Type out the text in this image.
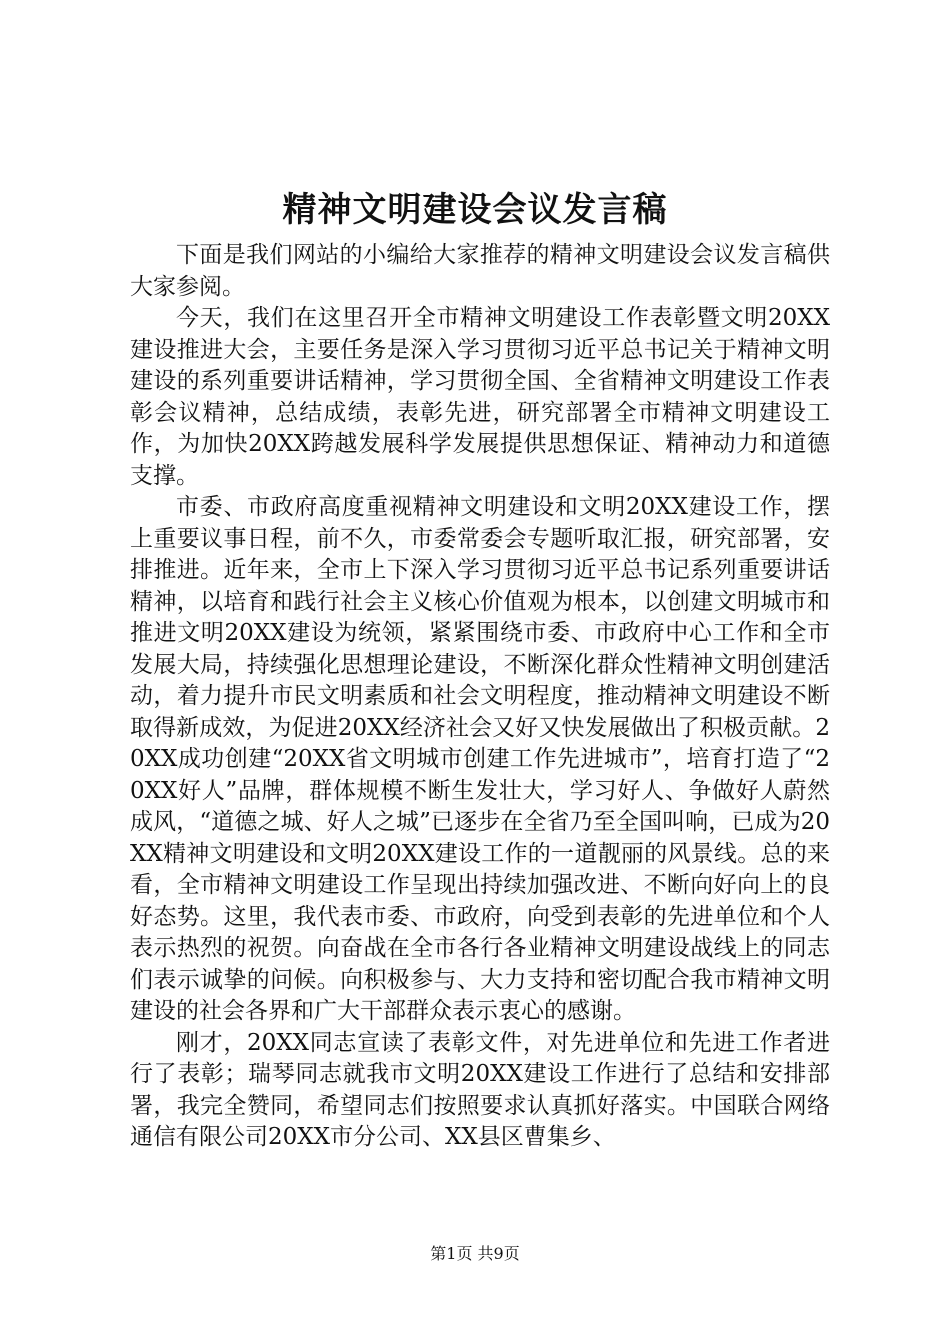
精神文明建设会议发言稿

下面是我们网站的小编给大家推荐的精神文明建设会议发言稿供大家参阅。

今天，我们在这里召开全市精神文明建设工作表彰暨文明20XX建设推进大会，主要任务是深入学习贯彻习近平总书记关于精神文明建设的系列重要讲话精神，学习贯彻全国、全省精神文明建设工作表彰会议精神，总结成绩，表彰先进，研究部署全市精神文明建设工作，为加快20XX跨越发展科学发展提供思想保证、精神动力和道德支撑。

市委、市政府高度重视精神文明建设和文明20XX建设工作，摆上重要议事日程，前不久，市委常委会专题听取汇报，研究部署，安排推进。近年来，全市上下深入学习贯彻习近平总书记系列重要讲话精神，以培育和践行社会主义核心价值观为根本，以创建文明城市和推进文明20XX建设为统领，紧紧围绕市委、市政府中心工作和全市发展大局，持续强化思想理论建设，不断深化群众性精神文明创建活动，着力提升市民文明素质和社会文明程度，推动精神文明建设不断取得新成效，为促进20XX经济社会又好又快发展做出了积极贡献。20XX成功创建“20XX省文明城市创建工作先进城市”，培育打造了“20XX好人”品牌，群体规模不断生发壮大，学习好人、争做好人蔚然成风，“道德之城、好人之城”已逐步在全省乃至全国叫响，已成为20XX精神文明建设和文明20XX建设工作的一道靓丽的风景线。总的来看，全市精神文明建设工作呈现出持续加强改进、不断向好向上的良好态势。这里，我代表市委、市政府，向受到表彰的先进单位和个人表示热烈的祝贺。向奋战在全市各行各业精神文明建设战线上的同志们表示诚挚的问候。向积极参与、大力支持和密切配合我市精神文明建设的社会各界和广大干部群众表示衷心的感谢。

刚才，20XX同志宣读了表彰文件，对先进单位和先进工作者进行了表彰；瑞琴同志就我市文明20XX建设工作进行了总结和安排部署，我完全赞同，希望同志们按照要求认真抓好落实。中国联合网络通信有限公司20XX市分公司、XX县区曹集乡、

第1页 共9页
